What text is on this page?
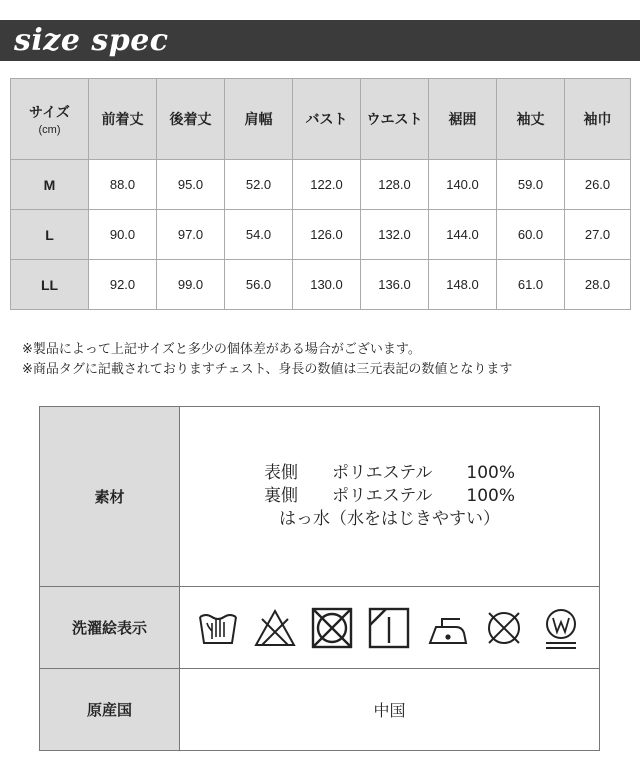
size spec
サイズ
(cm)	前着丈	後着丈	肩幅	バスト	ウエスト	裾囲	袖丈	袖巾
M	88.0	95.0	52.0	122.0	128.0	140.0	59.0	26.0
L	90.0	97.0	54.0	126.0	132.0	144.0	60.0	27.0
LL	92.0	99.0	56.0	130.0	136.0	148.0	61.0	28.0
※製品によって上記サイズと多少の個体差がある場合がございます。
※商品タグに記載されておりますチェスト、身長の数値は三元表記の数値となります
素材	表側　　ポリエステル　　100%
裏側　　ポリエステル　　100%
はっ水（水をはじきやすい）

洗濯絵表示	

原産国	中国
